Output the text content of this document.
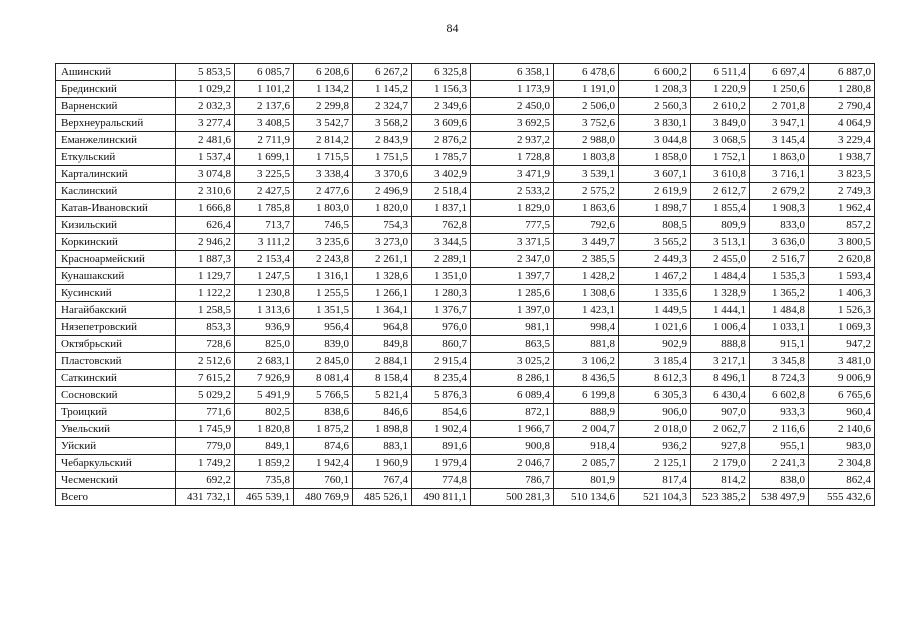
84
Ашинский	5 853,5	6 085,7	6 208,6	6 267,2	6 325,8	6 358,1	6 478,6	6 600,2	6 511,4	6 697,4	6 887,0
Брединский	1 029,2	1 101,2	1 134,2	1 145,2	1 156,3	1 173,9	1 191,0	1 208,3	1 220,9	1 250,6	1 280,8
Варненский	2 032,3	2 137,6	2 299,8	2 324,7	2 349,6	2 450,0	2 506,0	2 560,3	2 610,2	2 701,8	2 790,4
Верхнеуральский	3 277,4	3 408,5	3 542,7	3 568,2	3 609,6	3 692,5	3 752,6	3 830,1	3 849,0	3 947,1	4 064,9
Еманжелинский	2 481,6	2 711,9	2 814,2	2 843,9	2 876,2	2 937,2	2 988,0	3 044,8	3 068,5	3 145,4	3 229,4
Еткульский	1 537,4	1 699,1	1 715,5	1 751,5	1 785,7	1 728,8	1 803,8	1 858,0	1 752,1	1 863,0	1 938,7
Карталинский	3 074,8	3 225,5	3 338,4	3 370,6	3 402,9	3 471,9	3 539,1	3 607,1	3 610,8	3 716,1	3 823,5
Каслинский	2 310,6	2 427,5	2 477,6	2 496,9	2 518,4	2 533,2	2 575,2	2 619,9	2 612,7	2 679,2	2 749,3
Катав-Ивановский	1 666,8	1 785,8	1 803,0	1 820,0	1 837,1	1 829,0	1 863,6	1 898,7	1 855,4	1 908,3	1 962,4
Кизильский	626,4	713,7	746,5	754,3	762,8	777,5	792,6	808,5	809,9	833,0	857,2
Коркинский	2 946,2	3 111,2	3 235,6	3 273,0	3 344,5	3 371,5	3 449,7	3 565,2	3 513,1	3 636,0	3 800,5
Красноармейский	1 887,3	2 153,4	2 243,8	2 261,1	2 289,1	2 347,0	2 385,5	2 449,3	2 455,0	2 516,7	2 620,8
Кунашакский	1 129,7	1 247,5	1 316,1	1 328,6	1 351,0	1 397,7	1 428,2	1 467,2	1 484,4	1 535,3	1 593,4
Кусинский	1 122,2	1 230,8	1 255,5	1 266,1	1 280,3	1 285,6	1 308,6	1 335,6	1 328,9	1 365,2	1 406,3
Нагайбакский	1 258,5	1 313,6	1 351,5	1 364,1	1 376,7	1 397,0	1 423,1	1 449,5	1 444,1	1 484,8	1 526,3
Нязепетровский	853,3	936,9	956,4	964,8	976,0	981,1	998,4	1 021,6	1 006,4	1 033,1	1 069,3
Октябрьский	728,6	825,0	839,0	849,8	860,7	863,5	881,8	902,9	888,8	915,1	947,2
Пластовский	2 512,6	2 683,1	2 845,0	2 884,1	2 915,4	3 025,2	3 106,2	3 185,4	3 217,1	3 345,8	3 481,0
Саткинский	7 615,2	7 926,9	8 081,4	8 158,4	8 235,4	8 286,1	8 436,5	8 612,3	8 496,1	8 724,3	9 006,9
Сосновский	5 029,2	5 491,9	5 766,5	5 821,4	5 876,3	6 089,4	6 199,8	6 305,3	6 430,4	6 602,8	6 765,6
Троицкий	771,6	802,5	838,6	846,6	854,6	872,1	888,9	906,0	907,0	933,3	960,4
Увельский	1 745,9	1 820,8	1 875,2	1 898,8	1 902,4	1 966,7	2 004,7	2 018,0	2 062,7	2 116,6	2 140,6
Уйский	779,0	849,1	874,6	883,1	891,6	900,8	918,4	936,2	927,8	955,1	983,0
Чебаркульский	1 749,2	1 859,2	1 942,4	1 960,9	1 979,4	2 046,7	2 085,7	2 125,1	2 179,0	2 241,3	2 304,8
Чесменский	692,2	735,8	760,1	767,4	774,8	786,7	801,9	817,4	814,2	838,0	862,4
Всего	431 732,1	465 539,1	480 769,9	485 526,1	490 811,1	500 281,3	510 134,6	521 104,3	523 385,2	538 497,9	555 432,6
